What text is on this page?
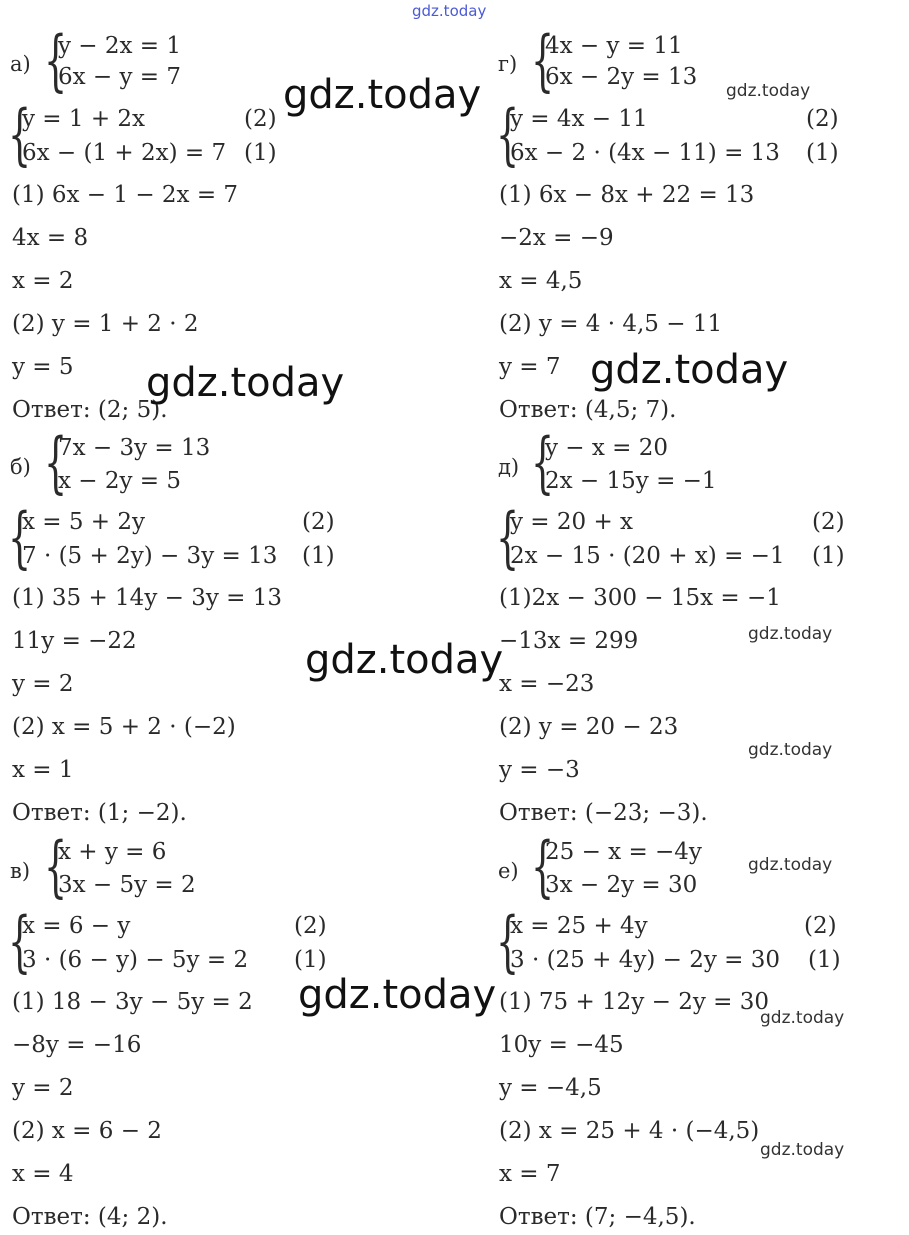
gdz.today
а) {
y − 2x = 1
6x − y = 7
{
y = 1 + 2x	(2)
6x − (1 + 2x) = 7 (1)
(1) 6x − 1 − 2x = 7
4x = 8
x = 2
(2) y = 1 + 2 · 2
y = 5
Ответ: (2; 5).
б) {
7x − 3y = 13
x − 2y = 5
{
x = 5 + 2y	(2)
7 · (5 + 2y) − 3y = 13 (1)
(1) 35 + 14y − 3y = 13
11y = −22
y = 2
(2) x = 5 + 2 · (−2)
x = 1
Ответ: (1; −2).
в) {
x + y = 6
3x − 5y = 2
{
x = 6 − y	(2)
3 · (6 − y) − 5y = 2 (1)
(1) 18 − 3y − 5y = 2
−8y = −16
y = 2
(2) x = 6 − 2
x = 4
Ответ: (4; 2).
г) {
4x − y = 11
6x − 2y = 13
{
y = 4x − 11	(2)
6x − 2 · (4x − 11) = 13 (1)
(1) 6x − 8x + 22 = 13
−2x = −9
x = 4,5
(2) y = 4 · 4,5 − 11
y = 7
Ответ: (4,5; 7).
д) {
y − x = 20
2x − 15y = −1
{
y = 20 + x	(2)
2x − 15 · (20 + x) = −1 (1)
(1)2x − 300 − 15x = −1
−13x = 299
x = −23
(2) y = 20 − 23
y = −3
Ответ: (−23; −3).
е) {
25 − x = −4y
3x − 2y = 30
{
x = 25 + 4y	(2)
3 · (25 + 4y) − 2y = 30 (1)
(1) 75 + 12y − 2y = 30
10y = −45
y = −4,5
(2) x = 25 + 4 · (−4,5)
x = 7
Ответ: (7; −4,5).
gdz.today
gdz.today	gdz.today
gdz.today
gdz.today
gdz.today
gdz.today
gdz.today
gdz.today
gdz.today
gdz.today
